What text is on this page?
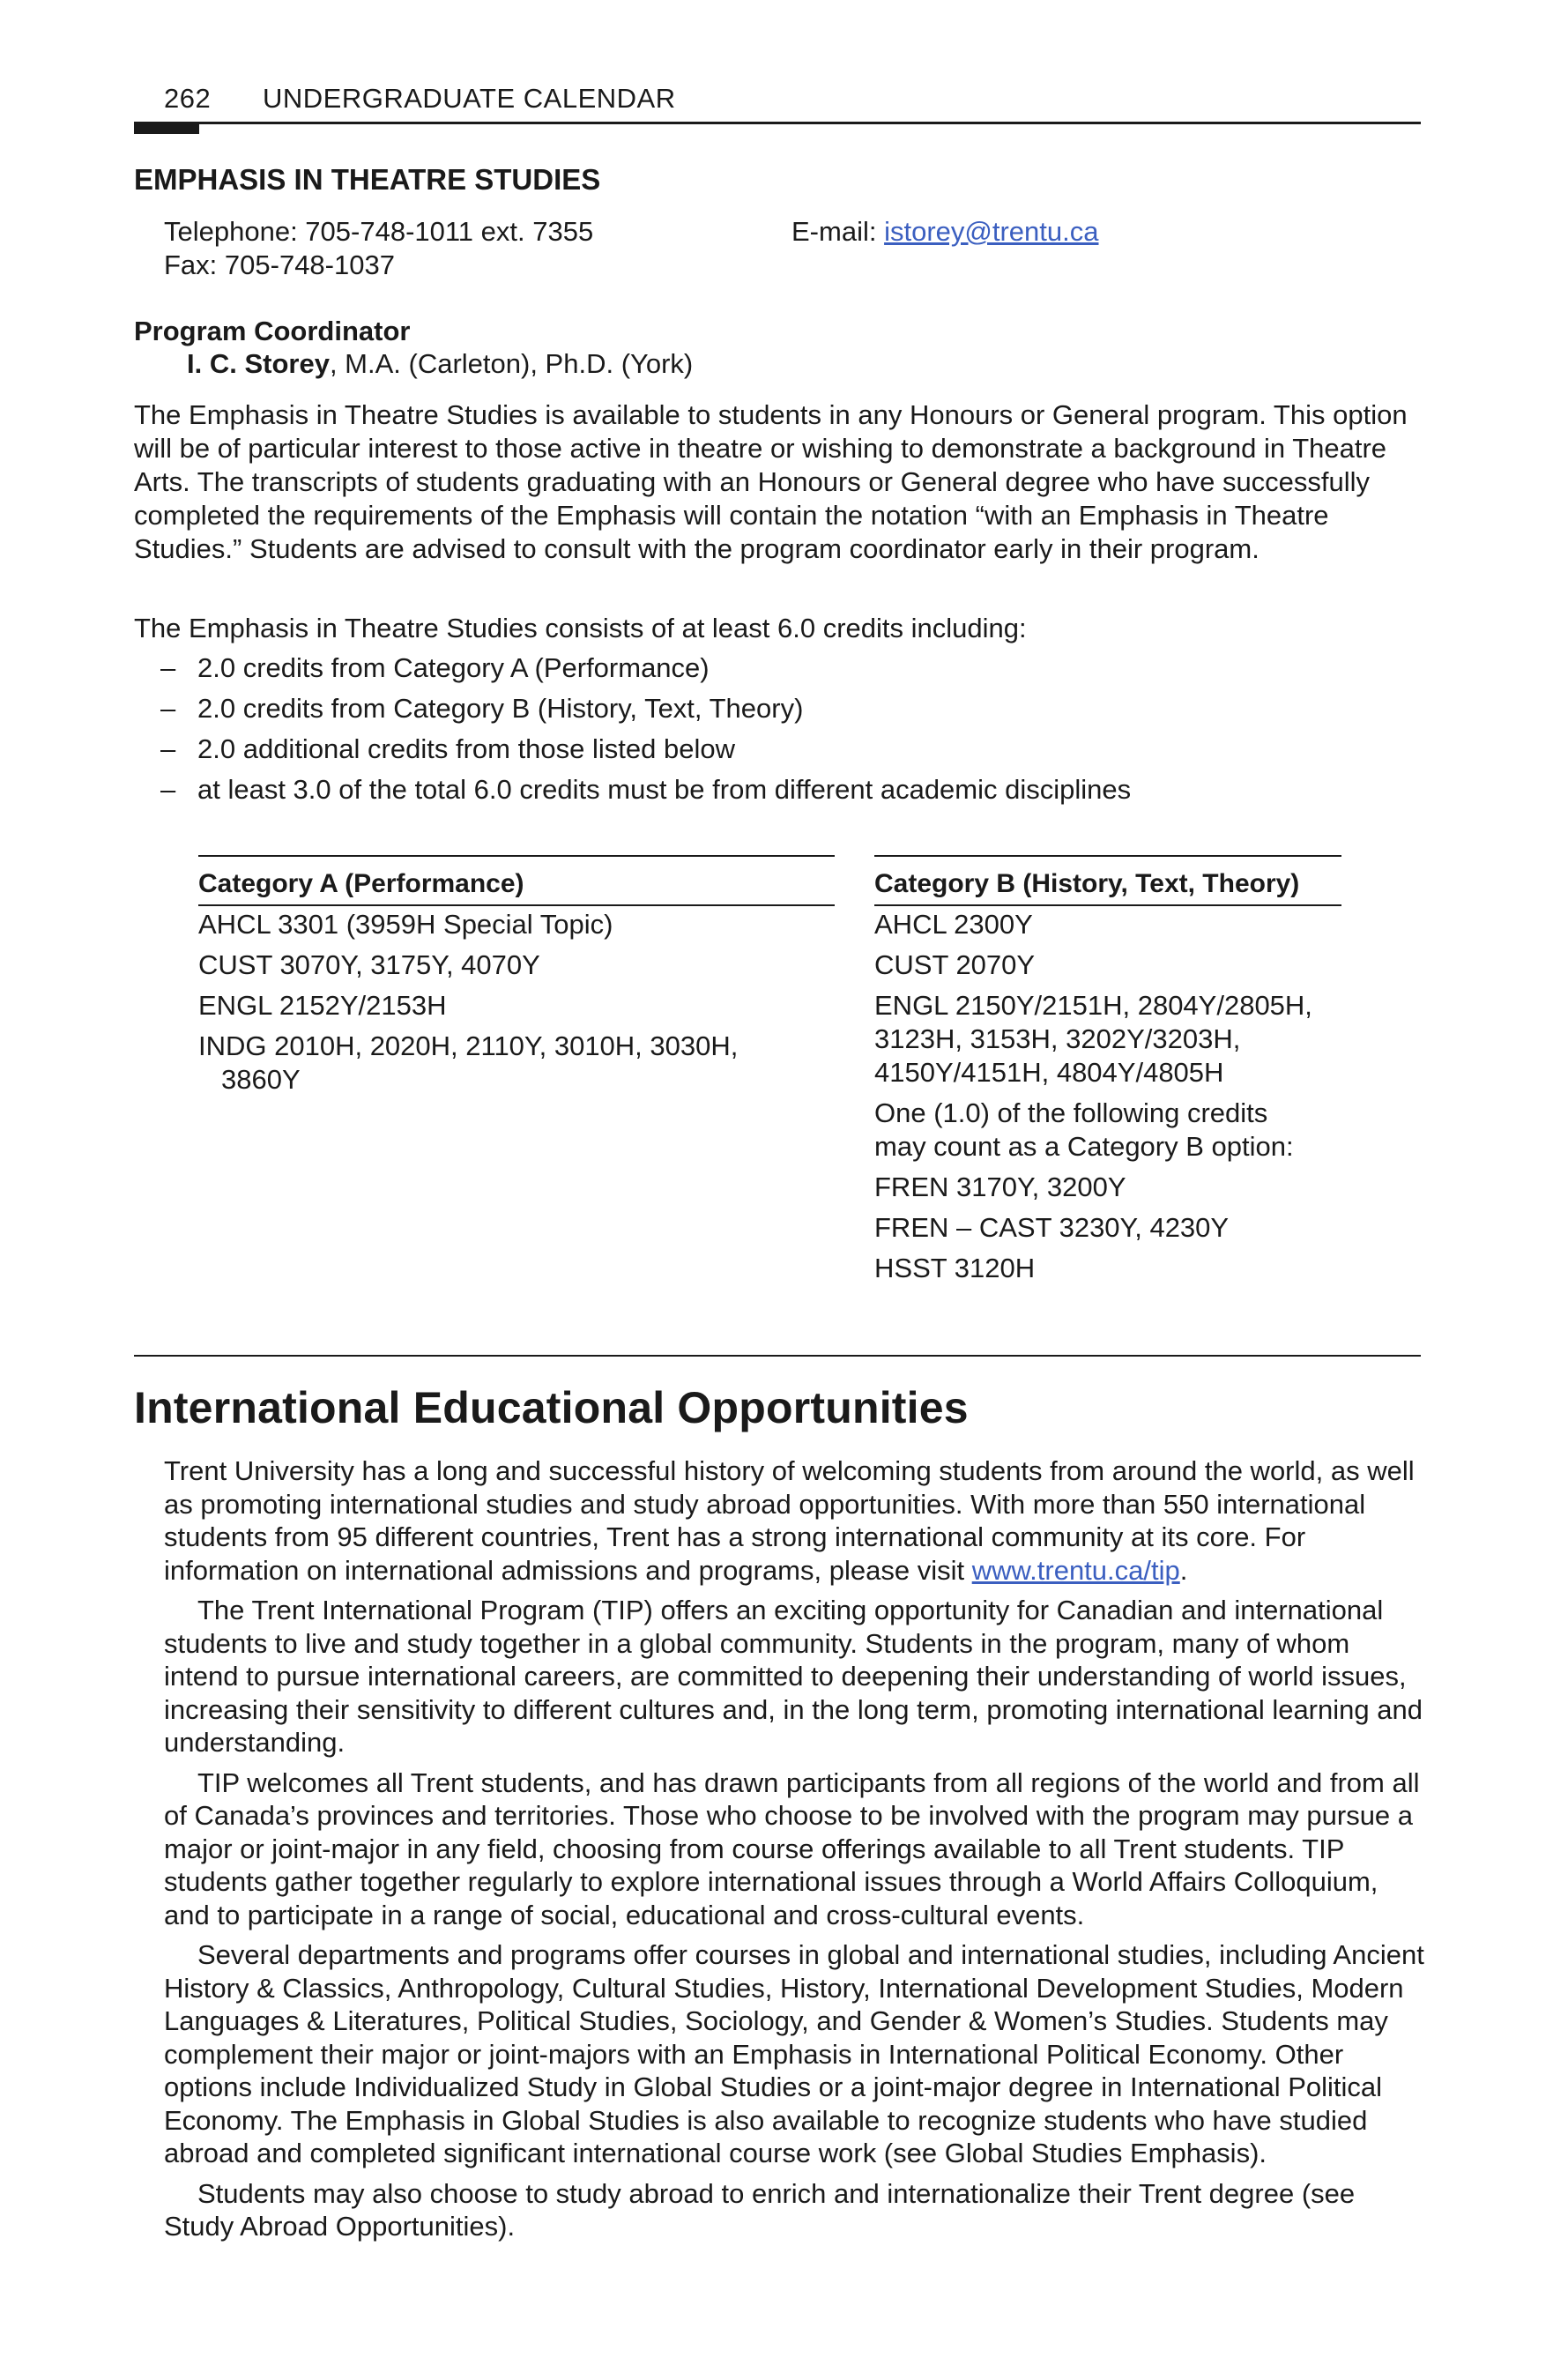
262 UNDERGRADUATE CALENDAR
EMPHASIS IN THEATRE STUDIES
Telephone: 705-748-1011 ext. 7355
Fax: 705-748-1037
E-mail: istorey@trentu.ca
Program Coordinator
I. C. Storey, M.A. (Carleton), Ph.D. (York)
The Emphasis in Theatre Studies is available to students in any Honours or General program. This option will be of particular interest to those active in theatre or wishing to demonstrate a background in Theatre Arts. The transcripts of students graduating with an Honours or General degree who have successfully completed the requirements of the Emphasis will contain the notation “with an Emphasis in Theatre Studies.” Students are advised to consult with the program coordinator early in their program.
The Emphasis in Theatre Studies consists of at least 6.0 credits including:
– 2.0 credits from Category A (Performance)
– 2.0 credits from Category B (History, Text, Theory)
– 2.0 additional credits from those listed below
– at least 3.0 of the total 6.0 credits must be from different academic disciplines
Category A (Performance)
AHCL 3301 (3959H Special Topic)
CUST 3070Y, 3175Y, 4070Y
ENGL 2152Y/2153H
INDG 2010H, 2020H, 2110Y, 3010H, 3030H,
3860Y
Category B (History, Text, Theory)
AHCL 2300Y
CUST 2070Y
ENGL 2150Y/2151H, 2804Y/2805H,
3123H, 3153H, 3202Y/3203H,
4150Y/4151H, 4804Y/4805H
One (1.0) of the following credits
may count as a Category B option:
FREN 3170Y, 3200Y
FREN – CAST 3230Y, 4230Y
HSST 3120H
International Educational Opportunities

Trent University has a long and successful history of welcoming students from around the world, as well as promoting international studies and study abroad opportunities. With more than 550 international students from 95 different countries, Trent has a strong international community at its core. For information on international admissions and programs, please visit www.trentu.ca/tip.

The Trent International Program (TIP) offers an exciting opportunity for Canadian and international students to live and study together in a global community. Students in the program, many of whom intend to pursue international careers, are committed to deepening their understanding of world issues, increasing their sensitivity to different cultures and, in the long term, promoting international learning and understanding.

TIP welcomes all Trent students, and has drawn participants from all regions of the world and from all of Canada’s provinces and territories. Those who choose to be involved with the program may pursue a major or joint-major in any field, choosing from course offerings available to all Trent students. TIP students gather together regularly to explore international issues through a World Affairs Colloquium, and to participate in a range of social, educational and cross-cultural events.

Several departments and programs offer courses in global and international studies, including Ancient History & Classics, Anthropology, Cultural Studies, History, International Development Studies, Modern Languages & Literatures, Political Studies, Sociology, and Gender & Women’s Studies. Students may complement their major or joint-majors with an Emphasis in International Political Economy. Other options include Individualized Study in Global Studies or a joint-major degree in International Political Economy. The Emphasis in Global Studies is also available to recognize students who have studied abroad and completed significant international course work (see Global Studies Emphasis).

Students may also choose to study abroad to enrich and internationalize their Trent degree (see Study Abroad Opportunities).
